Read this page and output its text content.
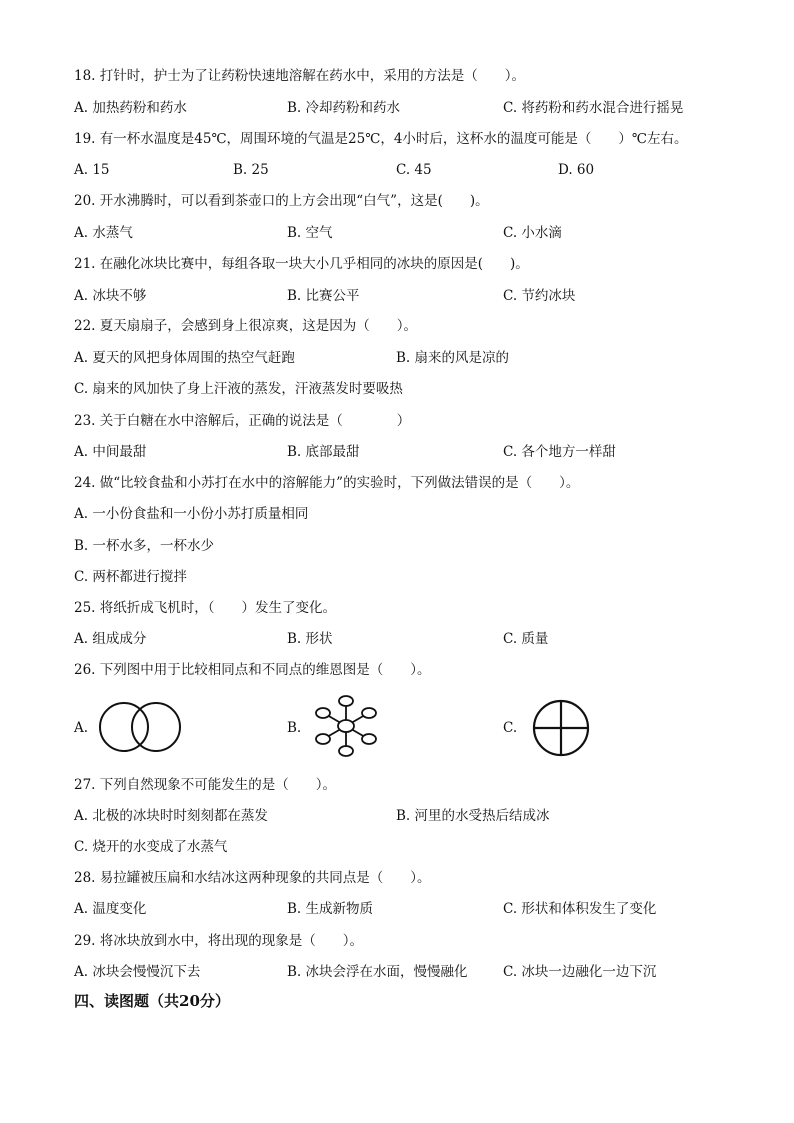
18. 打针时，护士为了让药粉快速地溶解在药水中，采用的方法是（　　）。
A. 加热药粉和药水	B. 冷却药粉和药水	C. 将药粉和药水混合进行摇晃
19. 有一杯水温度是45℃，周围环境的气温是25℃，4小时后，这杯水的温度可能是（　　）℃左右。
A. 15	B. 25	C. 45	D. 60
20. 开水沸腾时，可以看到茶壶口的上方会出现“白气”，这是(　　)。
A. 水蒸气	B. 空气	C. 小水滴
21. 在融化冰块比赛中，每组各取一块大小几乎相同的冰块的原因是(　　)。
A. 冰块不够	B. 比赛公平	C. 节约冰块
22. 夏天扇扇子，会感到身上很凉爽，这是因为（　　）。
A. 夏天的风把身体周围的热空气赶跑	B. 扇来的风是凉的
C. 扇来的风加快了身上汗液的蒸发，汗液蒸发时要吸热
23. 关于白糖在水中溶解后，正确的说法是（　　　　）
A. 中间最甜	B. 底部最甜	C. 各个地方一样甜
24. 做“比较食盐和小苏打在水中的溶解能力”的实验时，下列做法错误的是（　　）。
A. 一小份食盐和一小份小苏打质量相同
B. 一杯水多，一杯水少
C. 两杯都进行搅拌
25. 将纸折成飞机时，（　　）发生了变化。
A. 组成成分	B. 形状	C. 质量
26. 下列图中用于比较相同点和不同点的维恩图是（　　）。
A.	B.	C.
27. 下列自然现象不可能发生的是（　　）。
A. 北极的冰块时时刻刻都在蒸发	B. 河里的水受热后结成冰
C. 烧开的水变成了水蒸气
28. 易拉罐被压扁和水结冰这两种现象的共同点是（　　）。
A. 温度变化	B. 生成新物质	C. 形状和体积发生了变化
29. 将冰块放到水中，将出现的现象是（　　）。
A. 冰块会慢慢沉下去	B. 冰块会浮在水面，慢慢融化	C. 冰块一边融化一边下沉
四、读图题（共20分）
